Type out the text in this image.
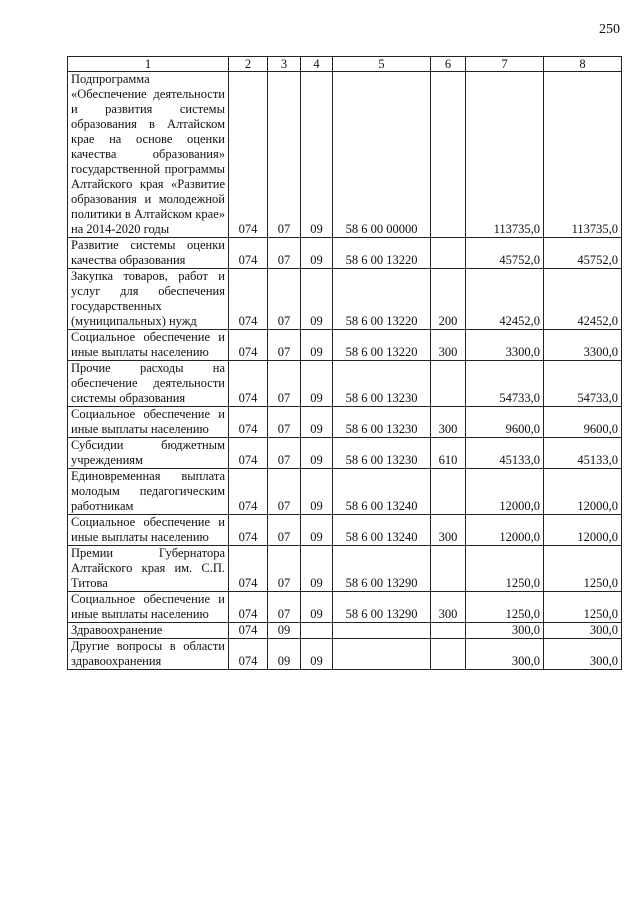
250
1	2	3	4	5	6	7	8
Подпрограмма «Обеспечение деятельности и развития системы образования в Алтайском крае на основе оценки качества образования» государственной программы Алтайского края «Развитие образования и молодежной политики в Алтайском крае» на 2014-2020 годы	074	07	09	58 6 00 00000		113735,0	113735,0
Развитие системы оценки качества образования	074	07	09	58 6 00 13220		45752,0	45752,0
Закупка товаров, работ и услуг для обеспечения государственных (муниципальных) нужд	074	07	09	58 6 00 13220	200	42452,0	42452,0
Социальное обеспечение и иные выплаты населению	074	07	09	58 6 00 13220	300	3300,0	3300,0
Прочие расходы на обеспечение деятельности системы образования	074	07	09	58 6 00 13230		54733,0	54733,0
Социальное обеспечение и иные выплаты населению	074	07	09	58 6 00 13230	300	9600,0	9600,0
Субсидии бюджетным учреждениям	074	07	09	58 6 00 13230	610	45133,0	45133,0
Единовременная выплата молодым педагогическим работникам	074	07	09	58 6 00 13240		12000,0	12000,0
Социальное обеспечение и иные выплаты населению	074	07	09	58 6 00 13240	300	12000,0	12000,0
Премии Губернатора Алтайского края им. С.П. Титова	074	07	09	58 6 00 13290		1250,0	1250,0
Социальное обеспечение и иные выплаты населению	074	07	09	58 6 00 13290	300	1250,0	1250,0
Здравоохранение	074	09				300,0	300,0
Другие вопросы в области здравоохранения	074	09	09			300,0	300,0
